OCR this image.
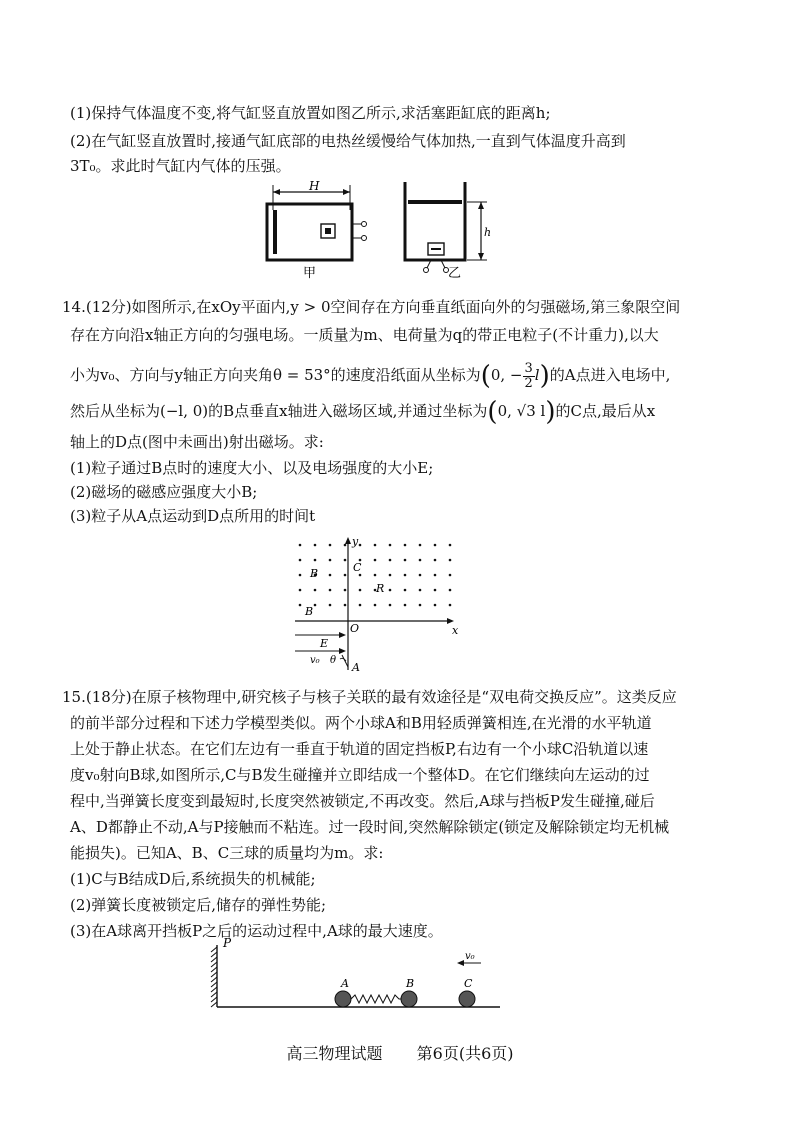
(1)保持气体温度不变,将气缸竖直放置如图乙所示,求活塞距缸底的距离h;
(2)在气缸竖直放置时,接通气缸底部的电热丝缓慢给气体加热,一直到气体温度升高到
3T₀。求此时气缸内气体的压强。
H
甲
h
乙
14.(12分)如图所示,在xOy平面内,y > 0空间存在方向垂直纸面向外的匀强磁场,第三象限空间
存在方向沿x轴正方向的匀强电场。一质量为m、电荷量为q的带正电粒子(不计重力),以大
小为v₀、方向与y轴正方向夹角θ = 53°的速度沿纸面从坐标为(0, − $\frac{3}{2} l$)的A点进入电场中,
然后从坐标为(−l, 0)的B点垂直x轴进入磁场区域,并通过坐标为(0, √3 l)的C点,最后从x
轴上的D点(图中未画出)射出磁场。求:
(1)粒子通过B点时的速度大小、以及电场强度的大小E;
(2)磁场的磁感应强度大小B;
(3)粒子从A点运动到D点所用的时间t
y
x
O
B	C
R
B
E
θ
v₀
A
15.(18分)在原子核物理中,研究核子与核子关联的最有效途径是“双电荷交换反应”。这类反应
的前半部分过程和下述力学模型类似。两个小球A和B用轻质弹簧相连,在光滑的水平轨道
上处于静止状态。在它们左边有一垂直于轨道的固定挡板P,右边有一个小球C沿轨道以速
度v₀射向B球,如图所示,C与B发生碰撞并立即结成一个整体D。在它们继续向左运动的过
程中,当弹簧长度变到最短时,长度突然被锁定,不再改变。然后,A球与挡板P发生碰撞,碰后
A、D都静止不动,A与P接触而不粘连。过一段时间,突然解除锁定(锁定及解除锁定均无机械
能损失)。已知A、B、C三球的质量均为m。求:
(1)C与B结成D后,系统损失的机械能;
(2)弹簧长度被锁定后,储存的弹性势能;
(3)在A球离开挡板P之后的运动过程中,A球的最大速度。
P
A	B	C
v₀
高三物理试题 第6页(共6页)
